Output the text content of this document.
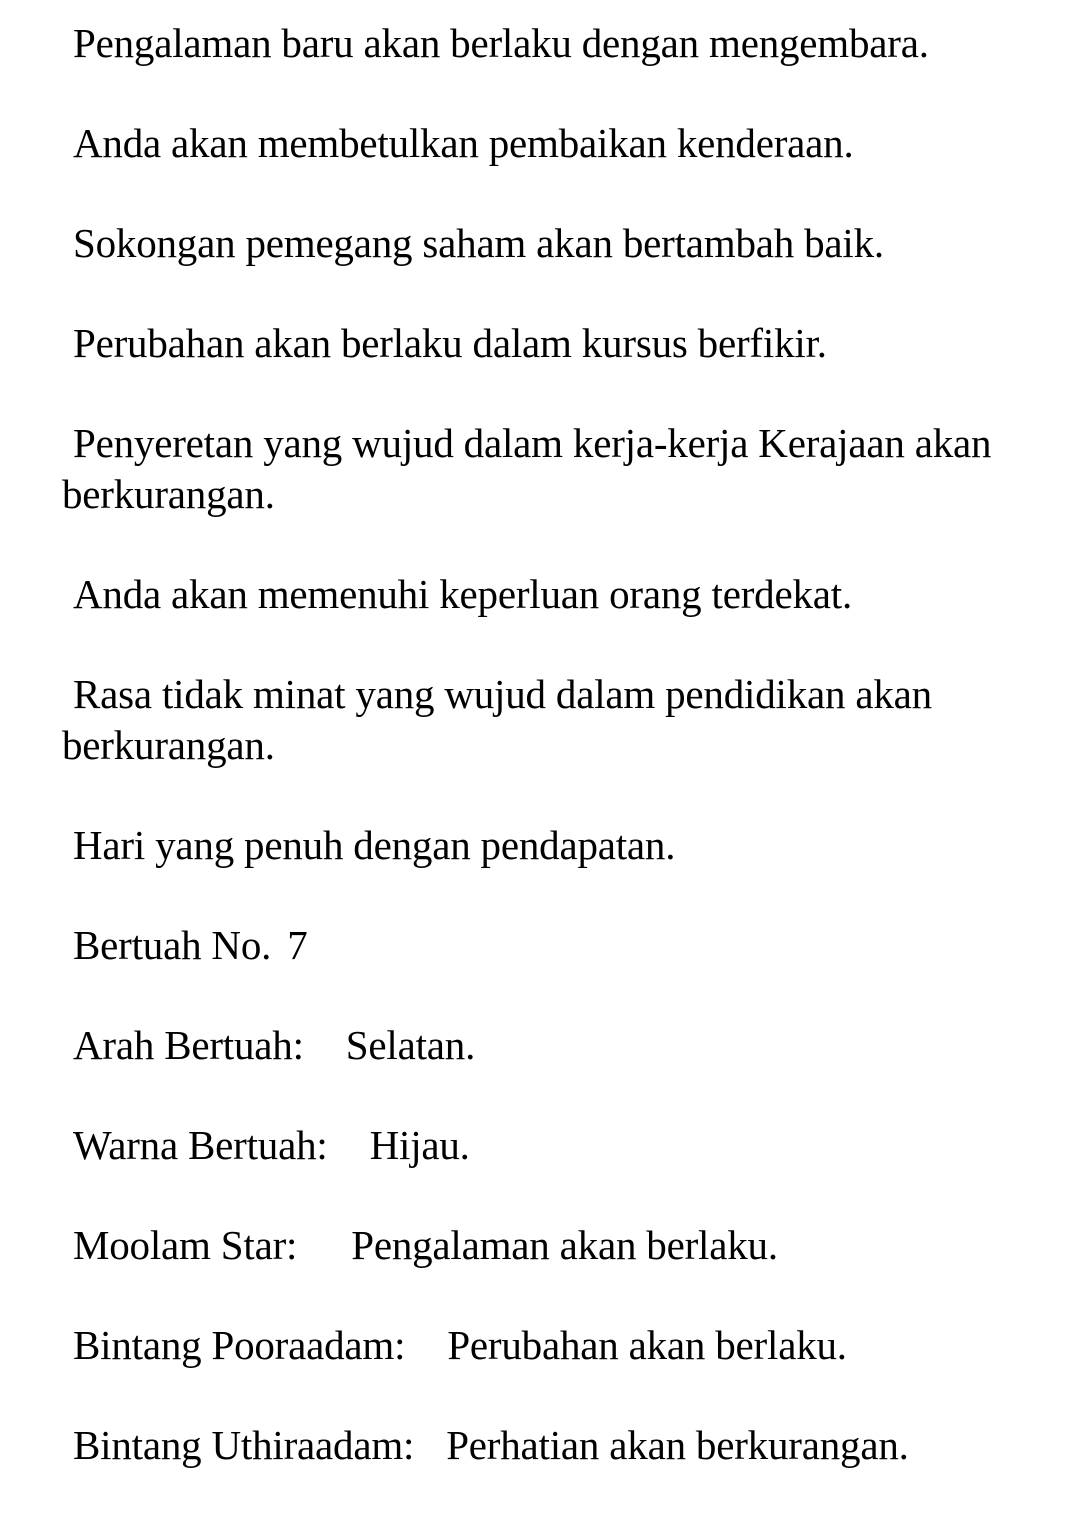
Pengalaman baru akan berlaku dengan mengembara.

Anda akan membetulkan pembaikan kenderaan.

Sokongan pemegang saham akan bertambah baik.

Perubahan akan berlaku dalam kursus berfikir.

Penyeretan yang wujud dalam kerja-kerja Kerajaan akan berkurangan.

Anda akan memenuhi keperluan orang terdekat.

Rasa tidak minat yang wujud dalam pendidikan akan berkurangan.

Hari yang penuh dengan pendapatan.

Bertuah No. 7

Arah Bertuah: Selatan.

Warna Bertuah: Hijau.

Moolam Star: Pengalaman akan berlaku.

Bintang Pooraadam: Perubahan akan berlaku.

Bintang Uthiraadam: Perhatian akan berkurangan.
